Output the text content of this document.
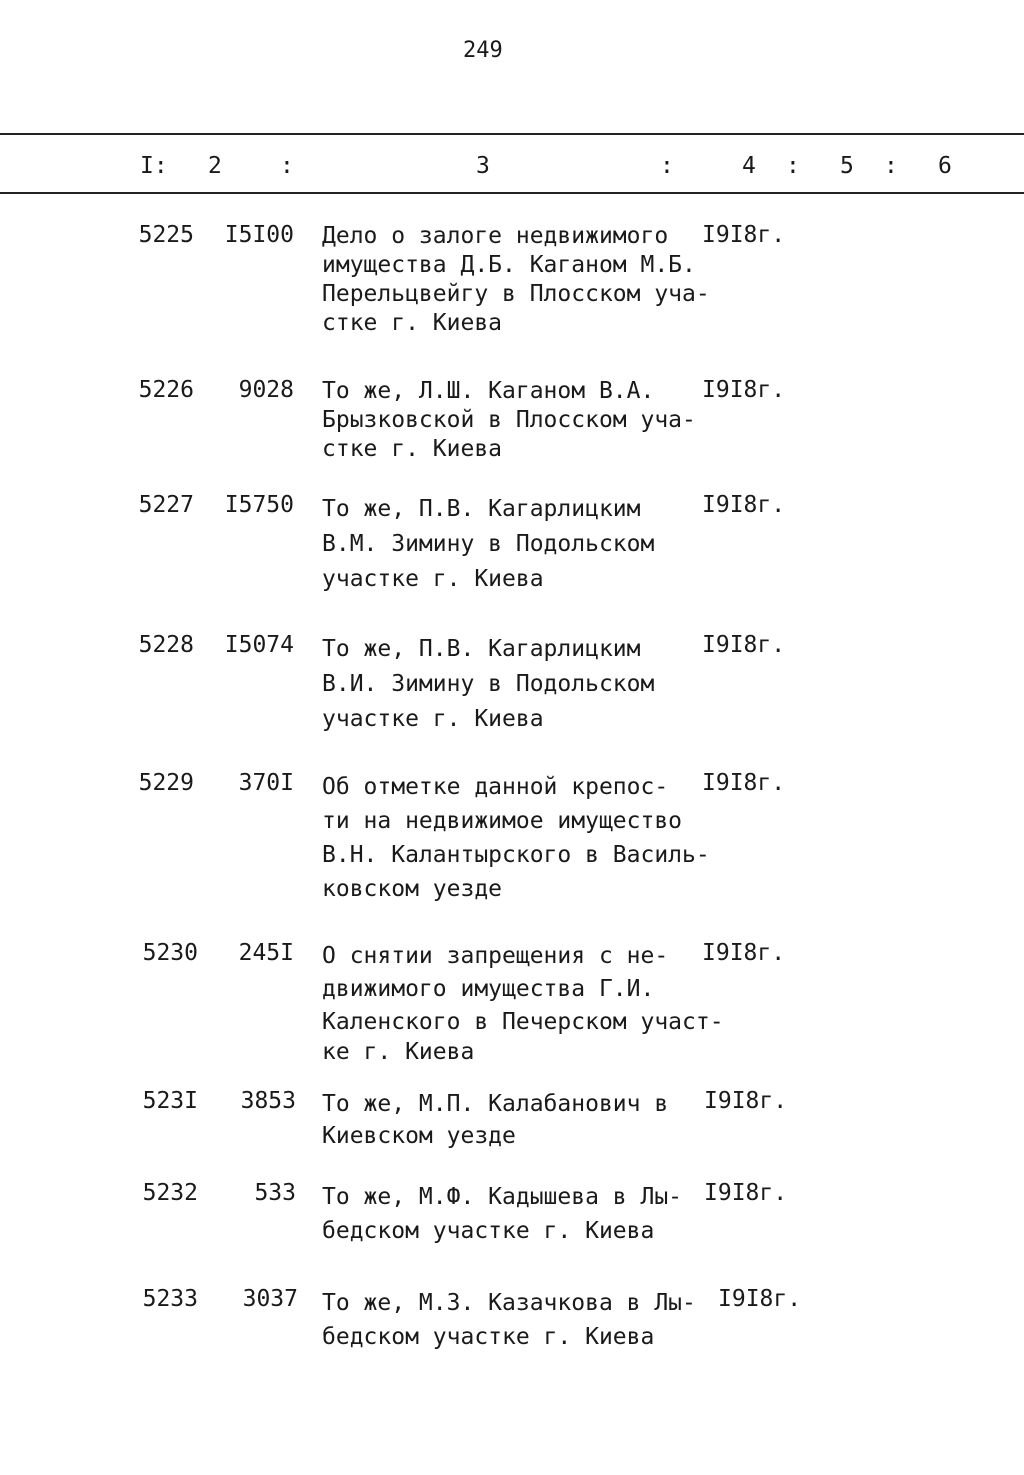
249
I: 2	:	3	:	4 : 5 : 6
5225	I5I00 Дело о залоге недвижимого
имущества Д.Б. Каганом М.Б.
Перельцвейгу в Плосском уча-
стке г. Киева
I9I8г.
5226	9028 То же, Л.Ш. Каганом В.А.
Брызковской в Плосском уча-
стке г. Киева
I9I8г.
5227	I5750 То же, П.В. Кагарлицким
В.М. Зимину в Подольском
участке г. Киева
I9I8г.
5228	I5074 То же, П.В. Кагарлицким
В.И. Зимину в Подольском
участке г. Киева
I9I8г.
5229	370I Об отметке данной крепос-
ти на недвижимое имущество
В.Н. Калантырского в Василь-
ковском уезде
I9I8г.
5230	245I О снятии запрещения с не-
движимого имущества Г.И.
Каленского в Печерском участ-
ке г. Киева
I9I8г.
523I	3853 То же, М.П. Калабанович в
Киевском уезде
I9I8г.
5232	533 То же, М.Ф. Кадышева в Лы-
бедском участке г. Киева
I9I8г.
5233	3037 То же, М.З. Казачкова в Лы-
бедском участке г. Киева
I9I8г.
